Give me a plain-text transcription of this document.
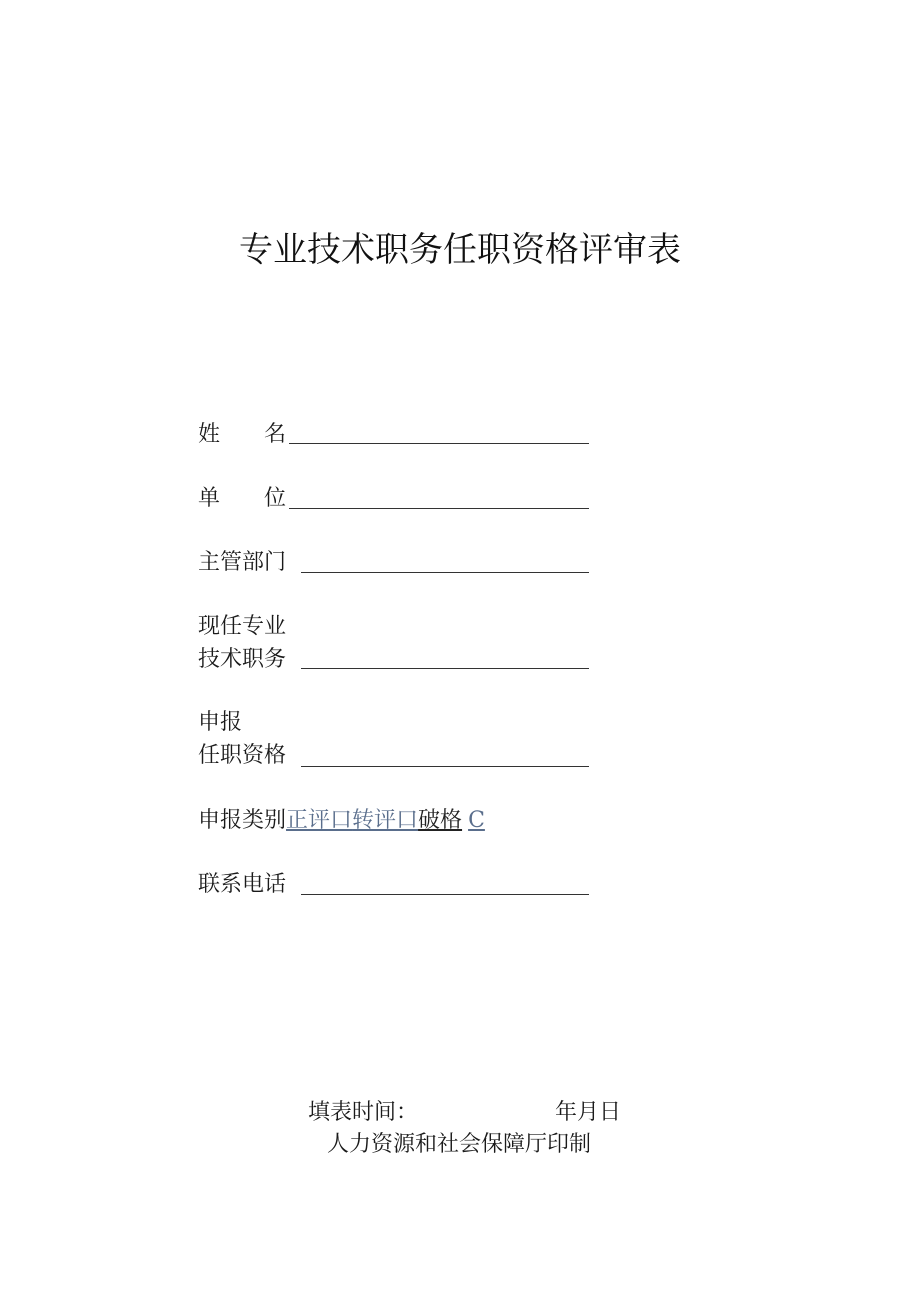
专业技术职务任职资格评审表
姓 名
单 位
主管部门
现任专业
技术职务
申报
任职资格
申报类别正评口转评口破格 C
联系电话
填表时间：	年月日
人力资源和社会保障厅印制
